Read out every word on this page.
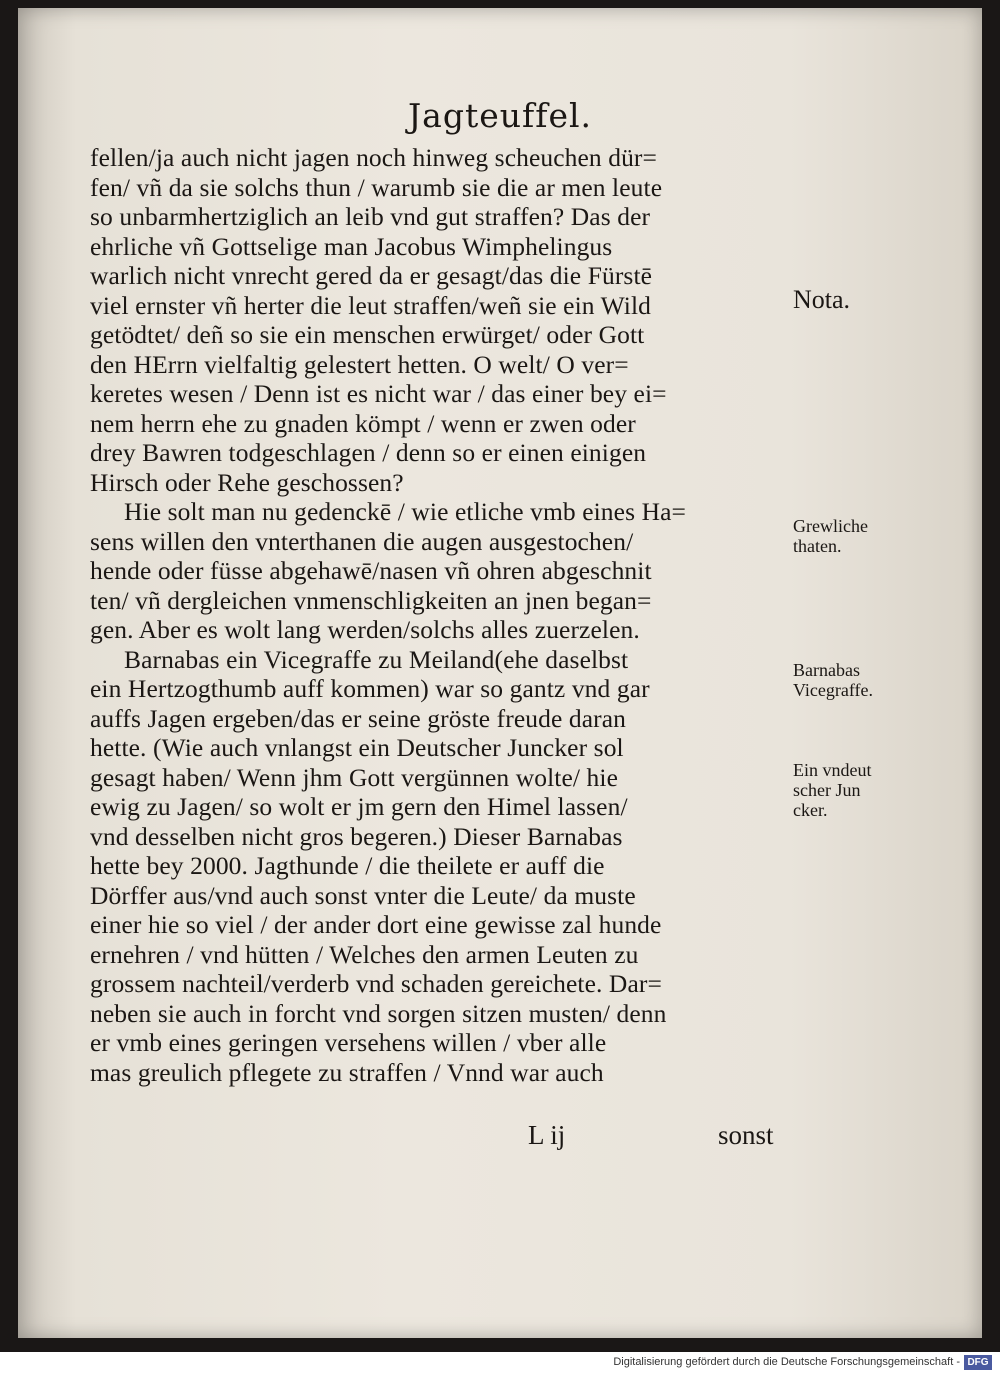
Jagteuffel.
fellen/ja auch nicht jagen noch hinweg scheuchen dür=
fen/ vñ da sie solchs thun / warumb sie die ar men leute
so unbarmhertziglich an leib vnd gut straffen? Das der
ehrliche vñ Gottselige man Jacobus Wimphelingus
warlich nicht vnrecht gered da er gesagt/das die Fürstē
viel ernster vñ herter die leut straffen/weñ sie ein Wild
getödtet/ deñ so sie ein menschen erwürget/ oder Gott
den HErrn vielfaltig gelestert hetten. O welt/ O ver=
keretes wesen / Denn ist es nicht war / das einer bey ei=
nem herrn ehe zu gnaden kömpt / wenn er zwen oder
drey Bawren todgeschlagen / denn so er einen einigen
Hirsch oder Rehe geschossen?
Hie solt man nu gedenckē / wie etliche vmb eines Ha=
sens willen den vnterthanen die augen ausgestochen/
hende oder füsse abgehawē/nasen vñ ohren abgeschnit
ten/ vñ dergleichen vnmenschligkeiten an jnen began=
gen. Aber es wolt lang werden/solchs alles zuerzelen.
Barnabas ein Vicegraffe zu Meiland(ehe daselbst
ein Hertzogthumb auff kommen) war so gantz vnd gar
auffs Jagen ergeben/das er seine gröste freude daran
hette. (Wie auch vnlangst ein Deutscher Juncker sol
gesagt haben/ Wenn jhm Gott vergünnen wolte/ hie
ewig zu Jagen/ so wolt er jm gern den Himel lassen/
vnd desselben nicht gros begeren.) Dieser Barnabas
hette bey 2000. Jagthunde / die theilete er auff die
Dörffer aus/vnd auch sonst vnter die Leute/ da muste
einer hie so viel / der ander dort eine gewisse zal hunde
ernehren / vnd hütten / Welches den armen Leuten zu
grossem nachteil/verderb vnd schaden gereichete. Dar=
neben sie auch in forcht vnd sorgen sitzen musten/ denn
er vmb eines geringen versehens willen / vber alle
mas greulich pflegete zu straffen / Vnnd war auch
Nota.
Grewliche
thaten.
Barnabas
Vicegraffe.
Ein vndeut
scher Jun
cker.
L ij	sonst
Digitalisierung gefördert durch die Deutsche Forschungsgemeinschaft - DFG
